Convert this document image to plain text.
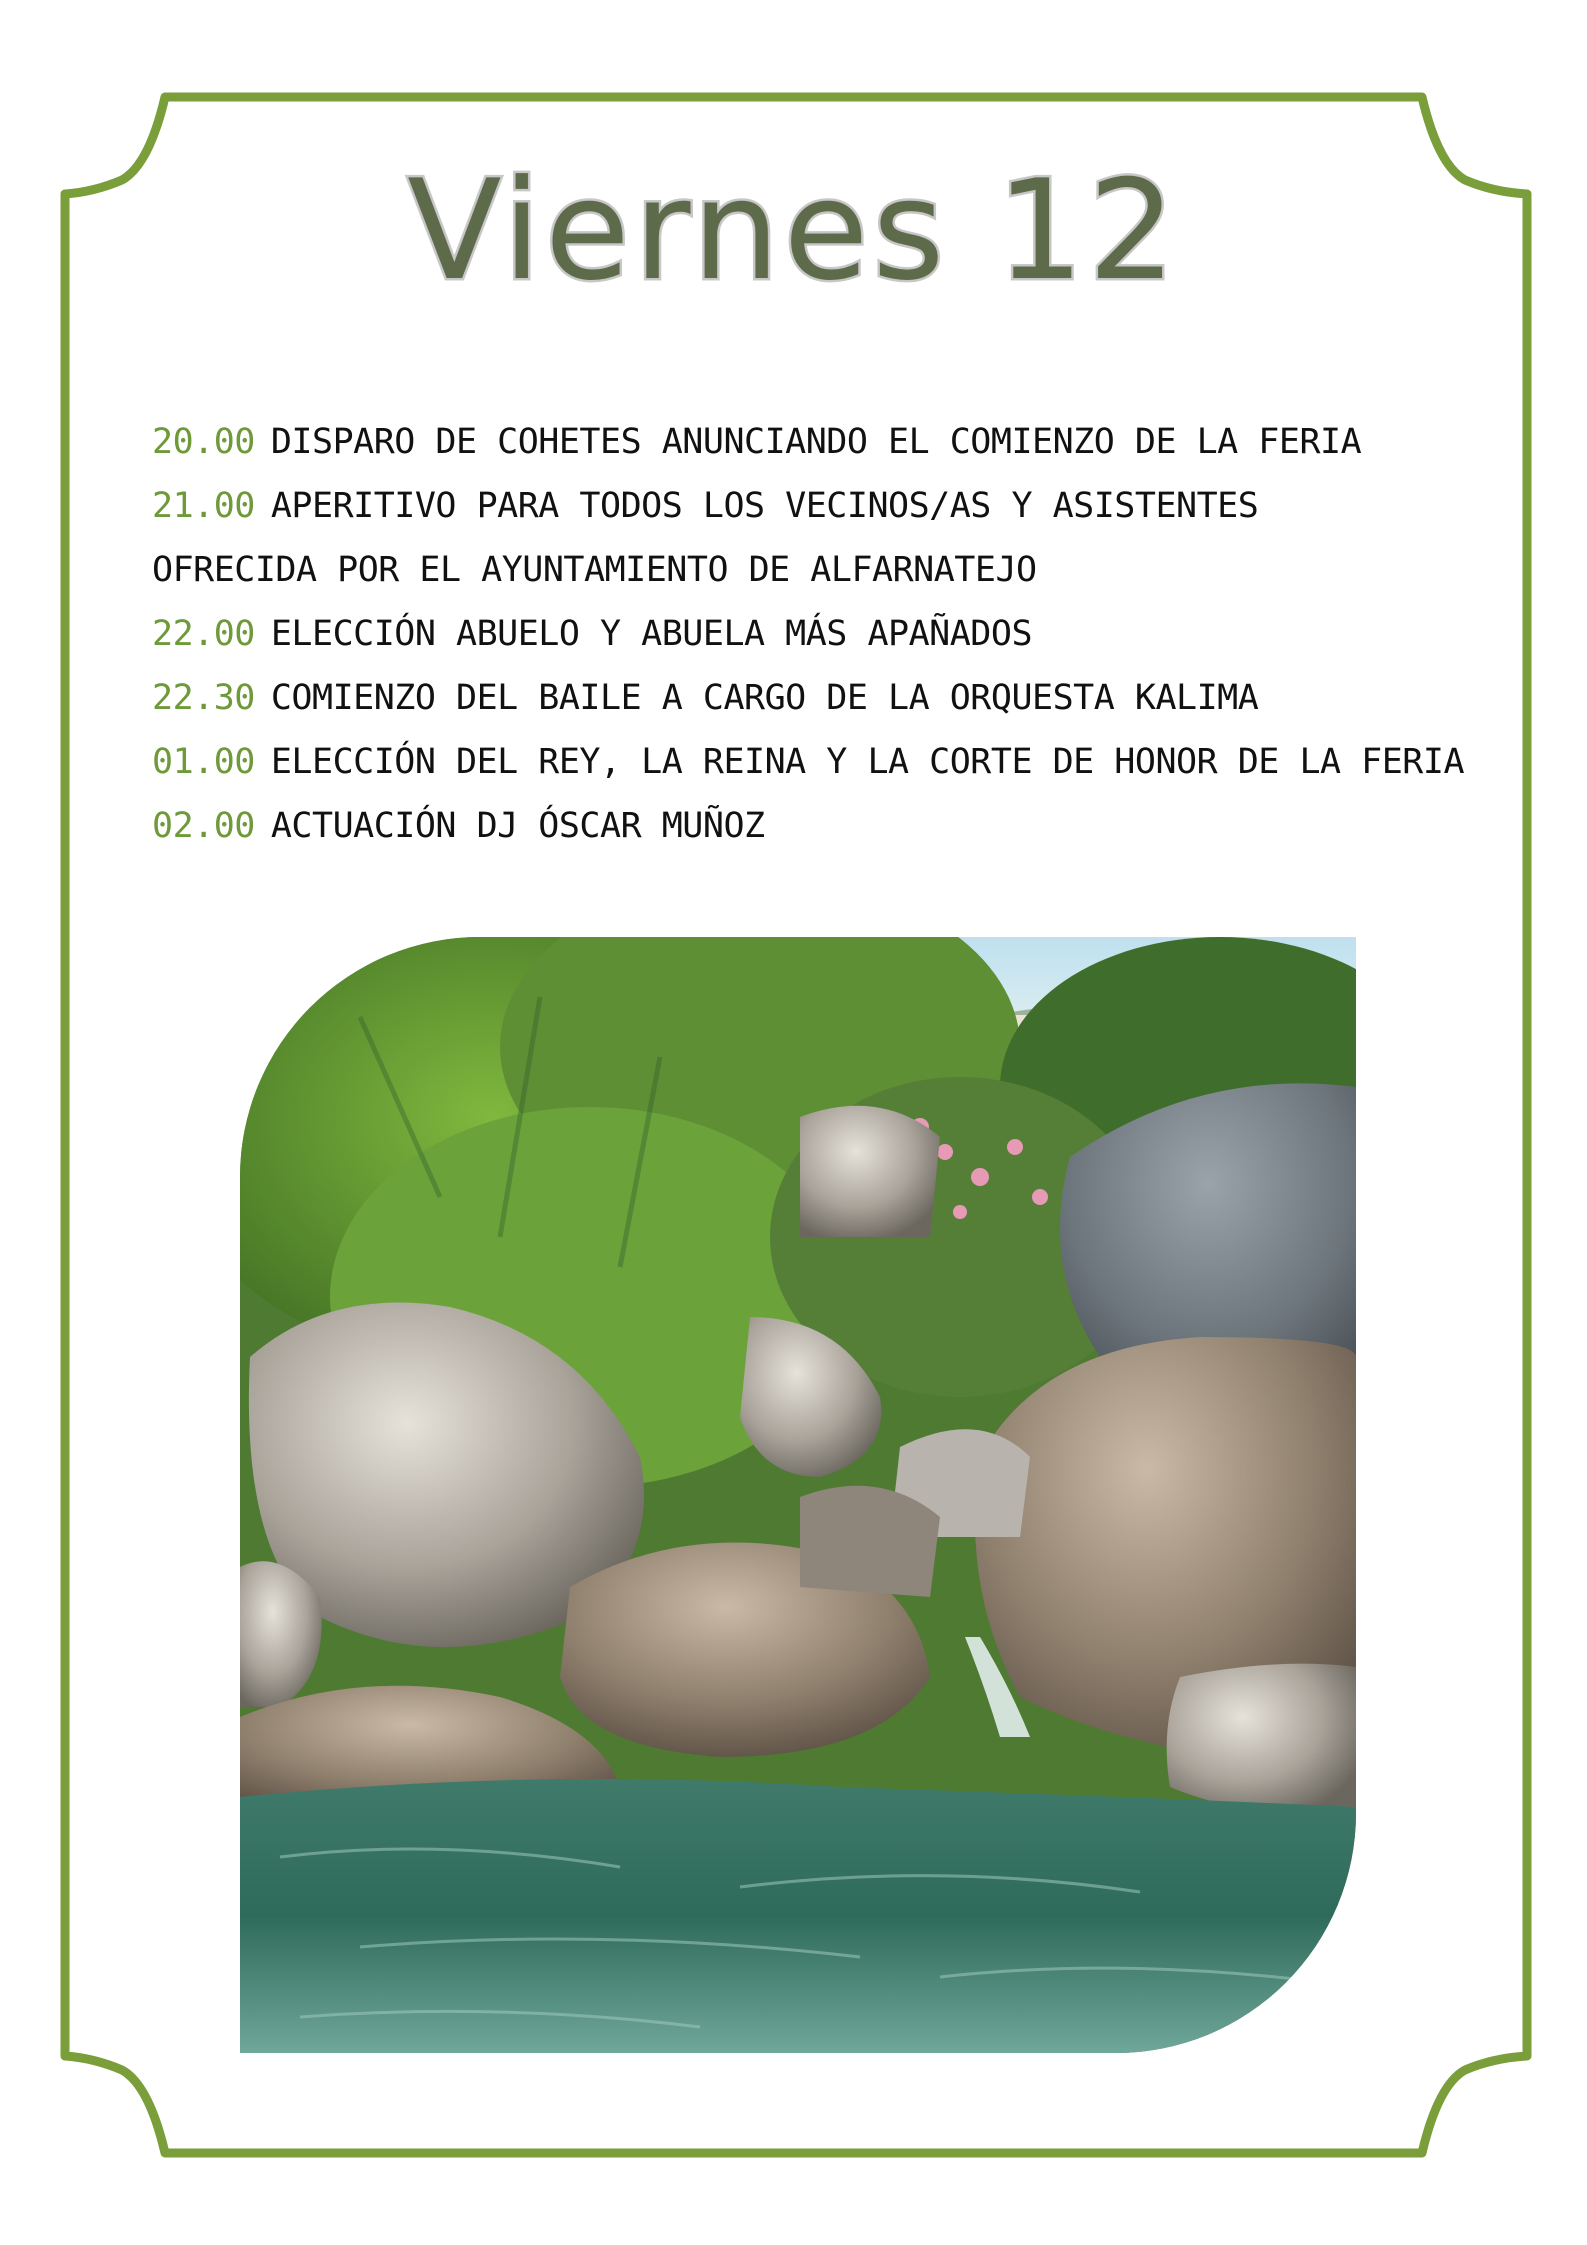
Viernes 12
20.00 DISPARO DE COHETES ANUNCIANDO EL COMIENZO DE LA FERIA
21.00 APERITIVO PARA TODOS LOS VECINOS/AS Y ASISTENTES OFRECIDA POR EL AYUNTAMIENTO DE ALFARNATEJO
22.00 ELECCIÓN ABUELO Y ABUELA MÁS APAÑADOS
22.30 COMIENZO DEL BAILE A CARGO DE LA ORQUESTA KALIMA
01.00 ELECCIÓN DEL REY, LA REINA Y LA CORTE DE HONOR DE LA FERIA
02.00 ACTUACIÓN DJ ÓSCAR MUÑOZ
